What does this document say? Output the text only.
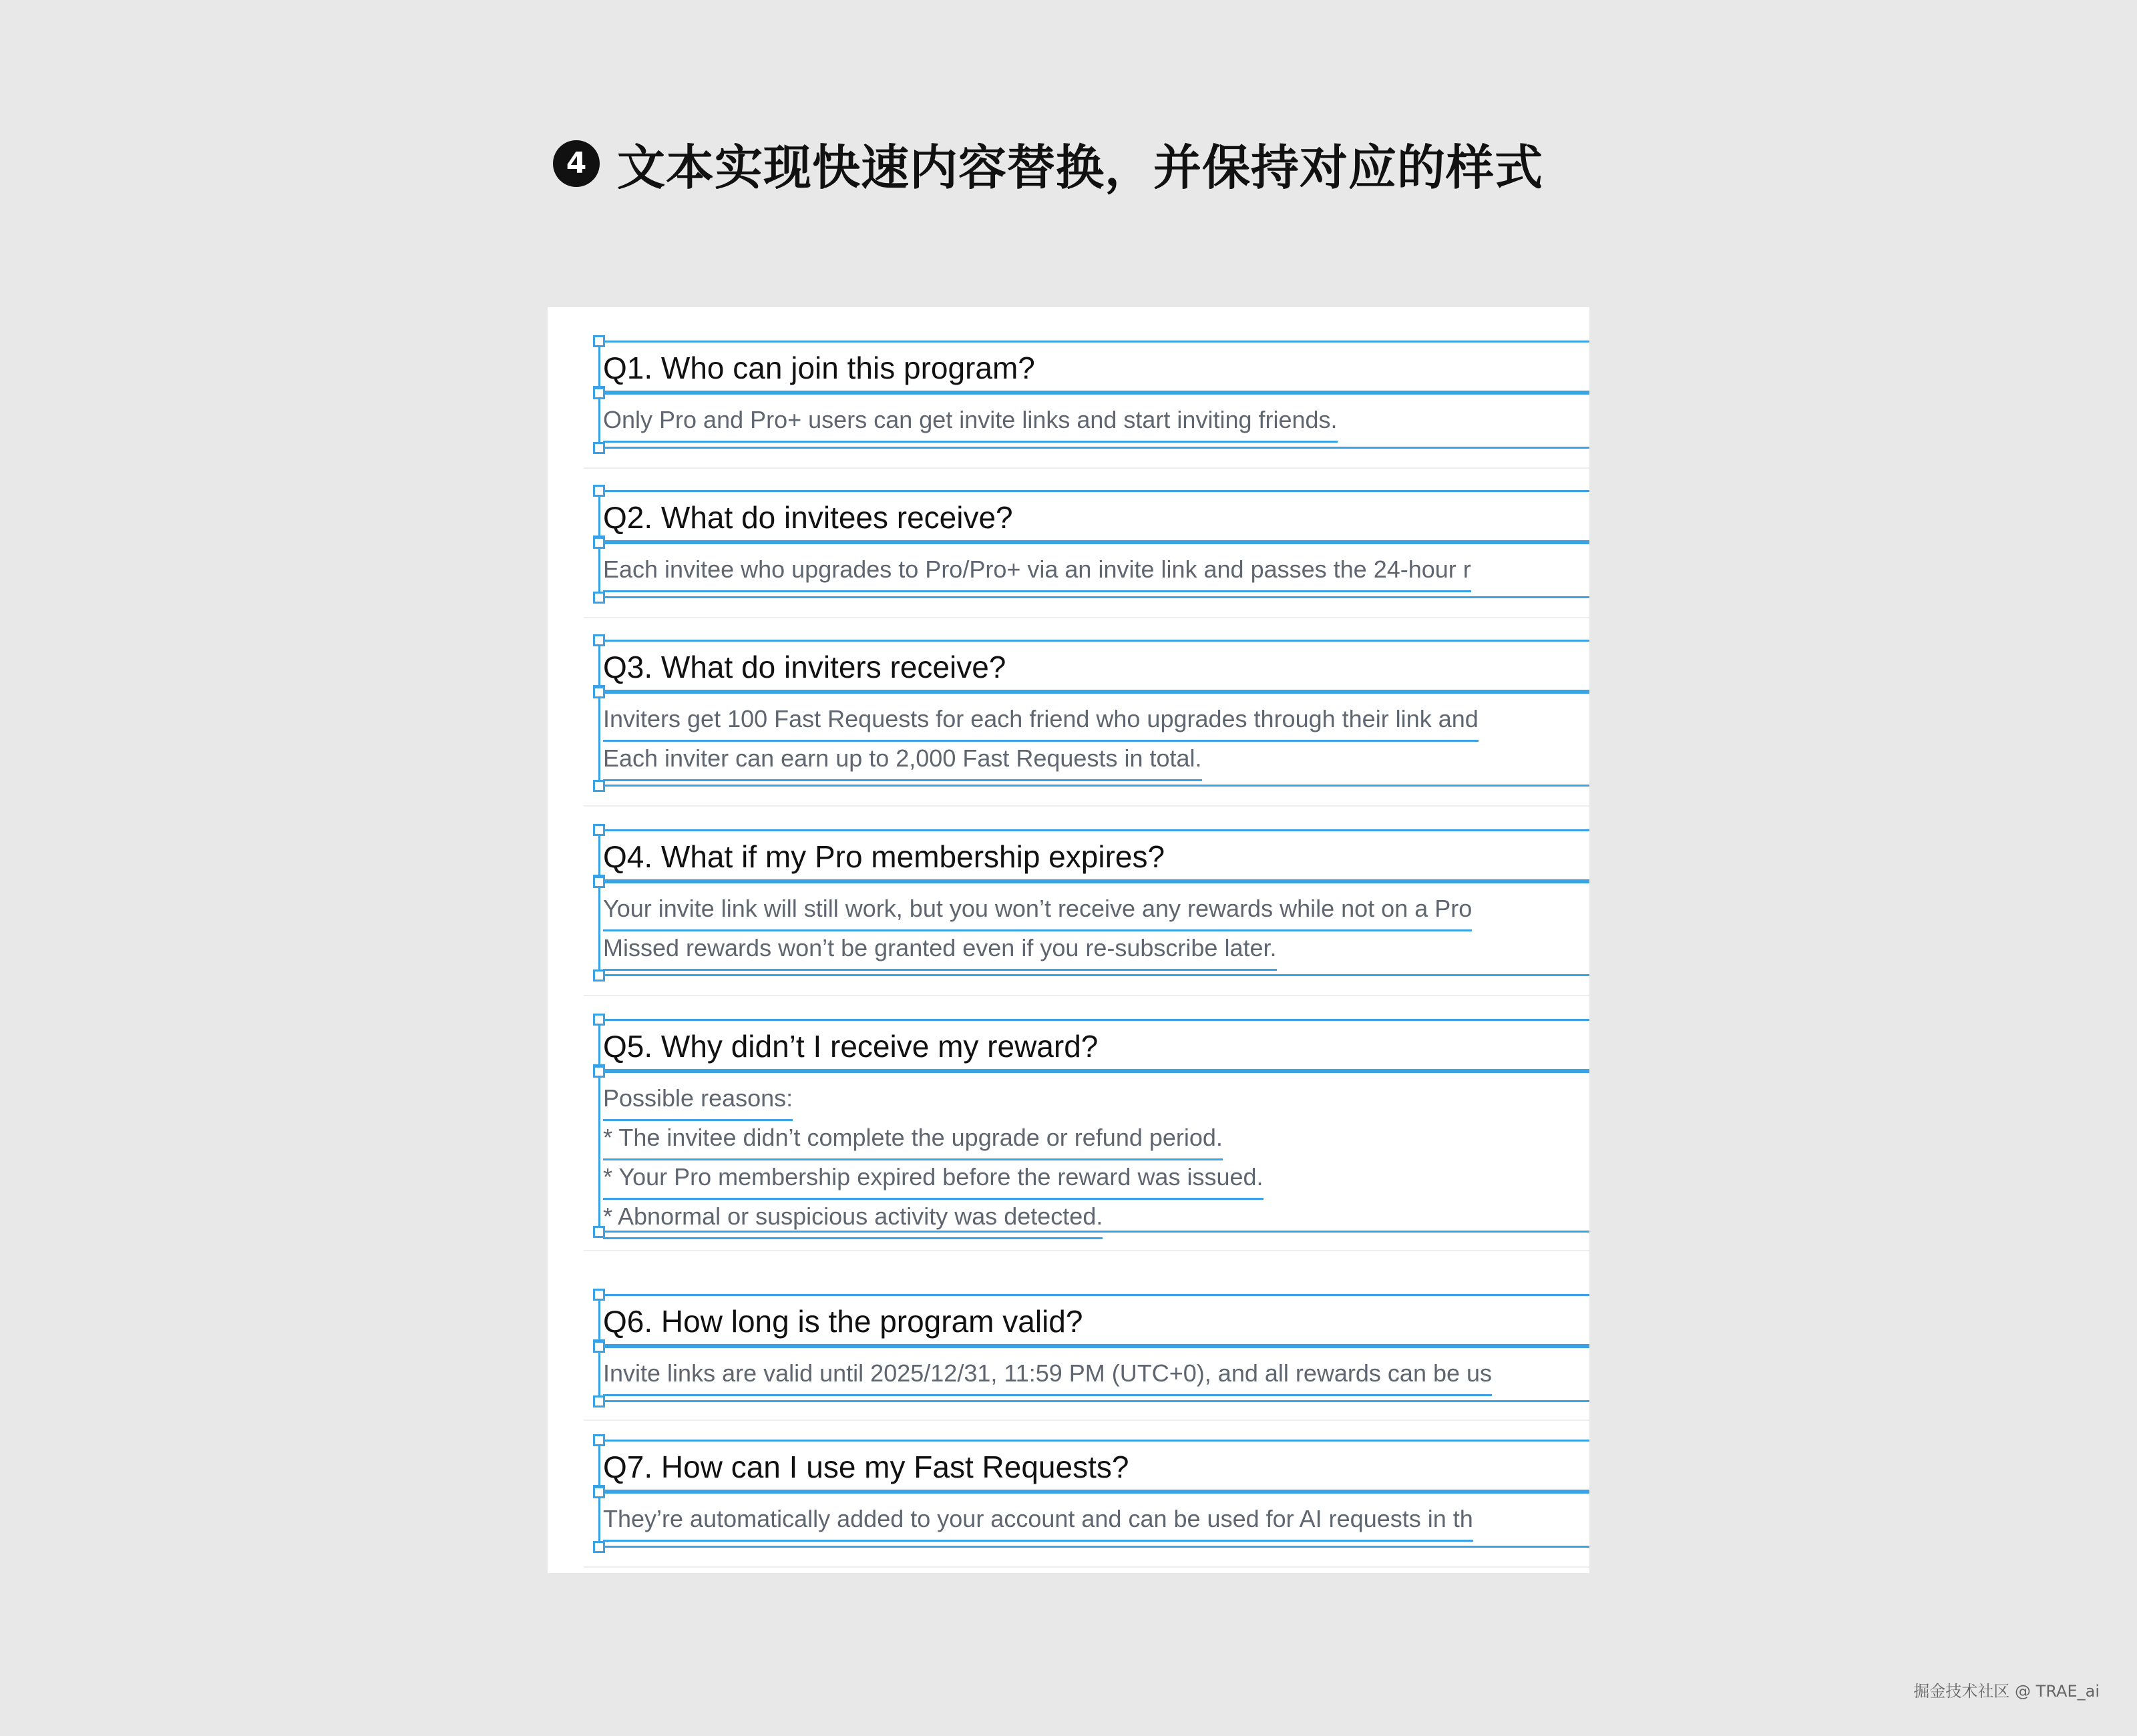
4 文本实现快速内容替换，并保持对应的样式
Q1. Who can join this program?
Only Pro and Pro+ users can get invite links and start inviting friends.
Q2. What do invitees receive?
Each invitee who upgrades to Pro/Pro+ via an invite link and passes the 24-hour r
Q3. What do inviters receive?
Inviters get 100 Fast Requests for each friend who upgrades through their link and
Each inviter can earn up to 2,000 Fast Requests in total.
Q4. What if my Pro membership expires?
Your invite link will still work, but you won’t receive any rewards while not on a Pro
Missed rewards won’t be granted even if you re-subscribe later.
Q5. Why didn’t I receive my reward?
Possible reasons:
* The invitee didn’t complete the upgrade or refund period.
* Your Pro membership expired before the reward was issued.
* Abnormal or suspicious activity was detected.
Q6. How long is the program valid?
Invite links are valid until 2025/12/31, 11:59 PM (UTC+0), and all rewards can be us
Q7. How can I use my Fast Requests?
They’re automatically added to your account and can be used for AI requests in th
掘金技术社区 @ TRAE_ai
